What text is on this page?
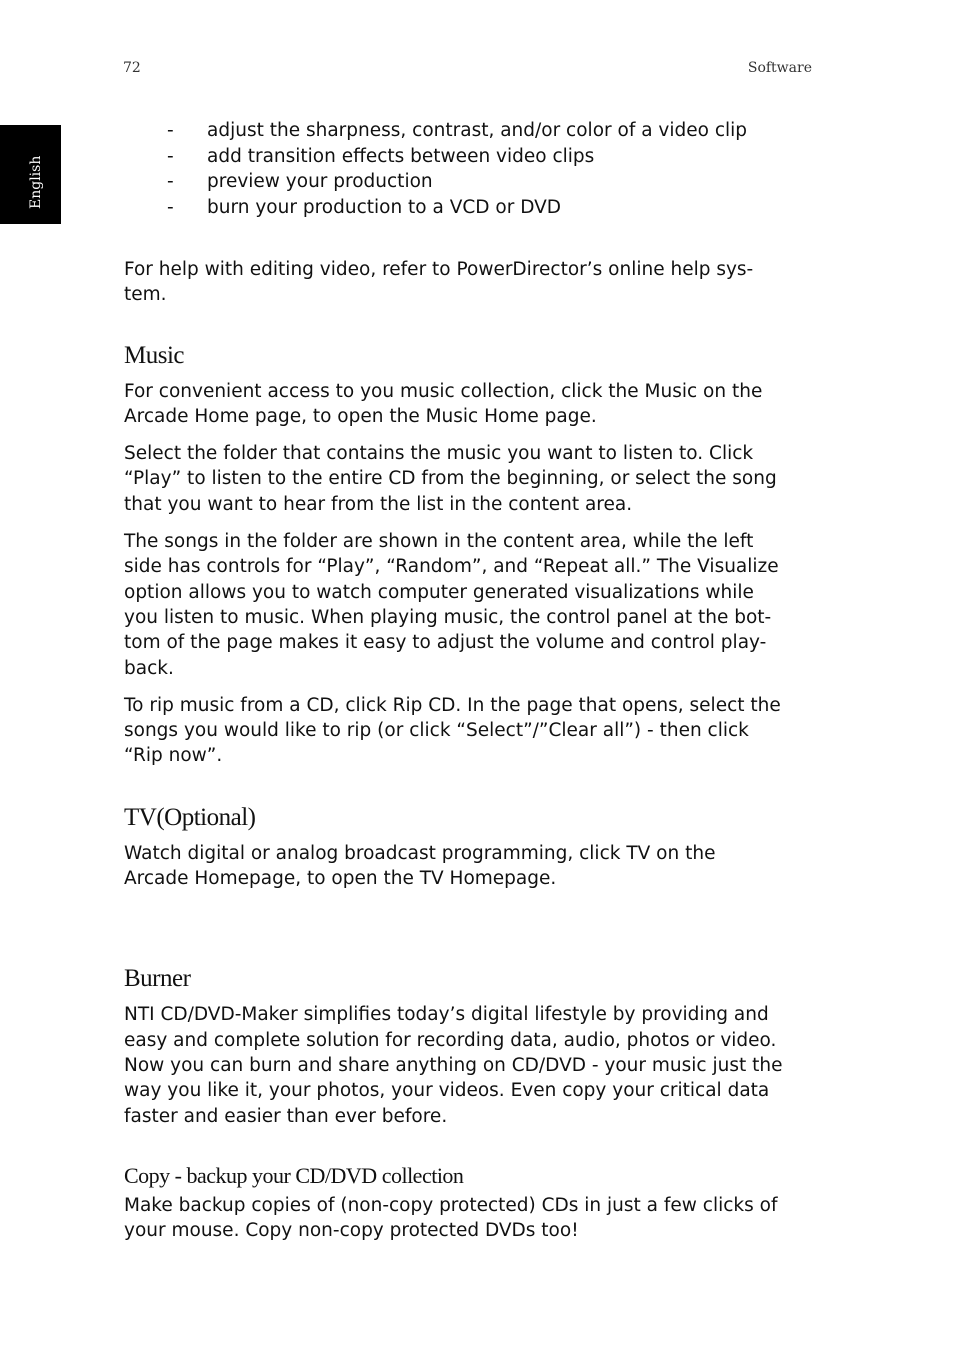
72	Software
English
- adjust the sharpness, contrast, and/or color of a video clip
- add transition effects between video clips
- preview your production
- burn your production to a VCD or DVD

For help with editing video, refer to PowerDirector’s online help sys-
tem.

Music

For convenient access to you music collection, click the Music on the
Arcade Home page, to open the Music Home page.

Select the folder that contains the music you want to listen to. Click
“Play” to listen to the entire CD from the beginning, or select the song
that you want to hear from the list in the content area.

The songs in the folder are shown in the content area, while the left
side has controls for “Play”, “Random”, and “Repeat all.” The Visualize
option allows you to watch computer generated visualizations while
you listen to music. When playing music, the control panel at the bot-
tom of the page makes it easy to adjust the volume and control play-
back.

To rip music from a CD, click Rip CD. In the page that opens, select the
songs you would like to rip (or click “Select”/”Clear all”) - then click
“Rip now”.

TV(Optional)

Watch digital or analog broadcast programming, click TV on the
Arcade Homepage, to open the TV Homepage.

Burner

NTI CD/DVD-Maker simplifies today’s digital lifestyle by providing and
easy and complete solution for recording data, audio, photos or video.
Now you can burn and share anything on CD/DVD - your music just the
way you like it, your photos, your videos. Even copy your critical data
faster and easier than ever before.

Copy - backup your CD/DVD collection

Make backup copies of (non-copy protected) CDs in just a few clicks of
your mouse. Copy non-copy protected DVDs too!
